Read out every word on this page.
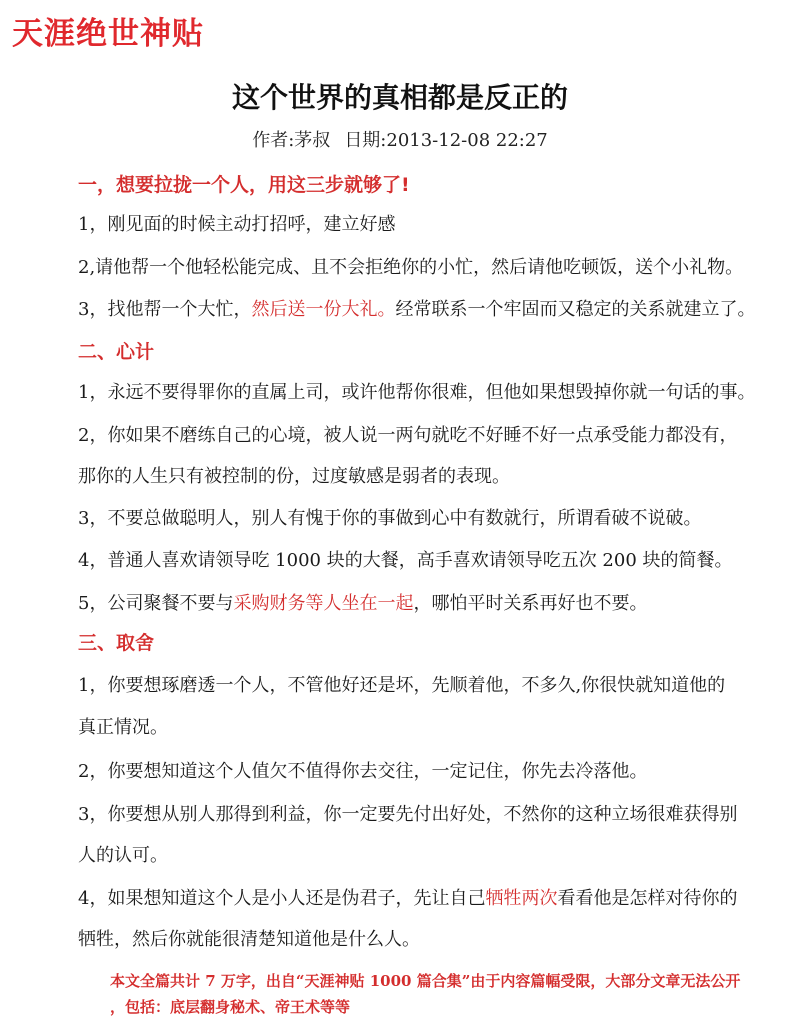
天涯绝世神贴
这个世界的真相都是反正的
作者:茅叔 日期:2013-12-08 22:27
一，想要拉拢一个人，用这三步就够了!
1，刚见面的时候主动打招呼，建立好感
2,请他帮一个他轻松能完成、且不会拒绝你的小忙，然后请他吃顿饭，送个小礼物。
3，找他帮一个大忙，然后送一份大礼。经常联系一个牢固而又稳定的关系就建立了。
二、心计
1，永远不要得罪你的直属上司，或许他帮你很难，但他如果想毁掉你就一句话的事。
2，你如果不磨练自己的心境，被人说一两句就吃不好睡不好一点承受能力都没有，
那你的人生只有被控制的份，过度敏感是弱者的表现。
3，不要总做聪明人，别人有愧于你的事做到心中有数就行，所谓看破不说破。
4，普通人喜欢请领导吃 1000 块的大餐，高手喜欢请领导吃五次 200 块的简餐。
5，公司聚餐不要与采购财务等人坐在一起，哪怕平时关系再好也不要。
三、取舍
1，你要想琢磨透一个人，不管他好还是坏，先顺着他，不多久,你很快就知道他的
真正情况。
2，你要想知道这个人值欠不值得你去交往，一定记住，你先去冷落他。
3，你要想从别人那得到利益，你一定要先付出好处，不然你的这种立场很难获得别
人的认可。
4，如果想知道这个人是小人还是伪君子，先让自己牺牲两次看看他是怎样对待你的
牺牲，然后你就能很清楚知道他是什么人。
本文全篇共计 7 万字，出自“天涯神贴 1000 篇合集”由于内容篇幅受限，大部分文章无法公开
，包括：底层翻身秘术、帝王术等等
